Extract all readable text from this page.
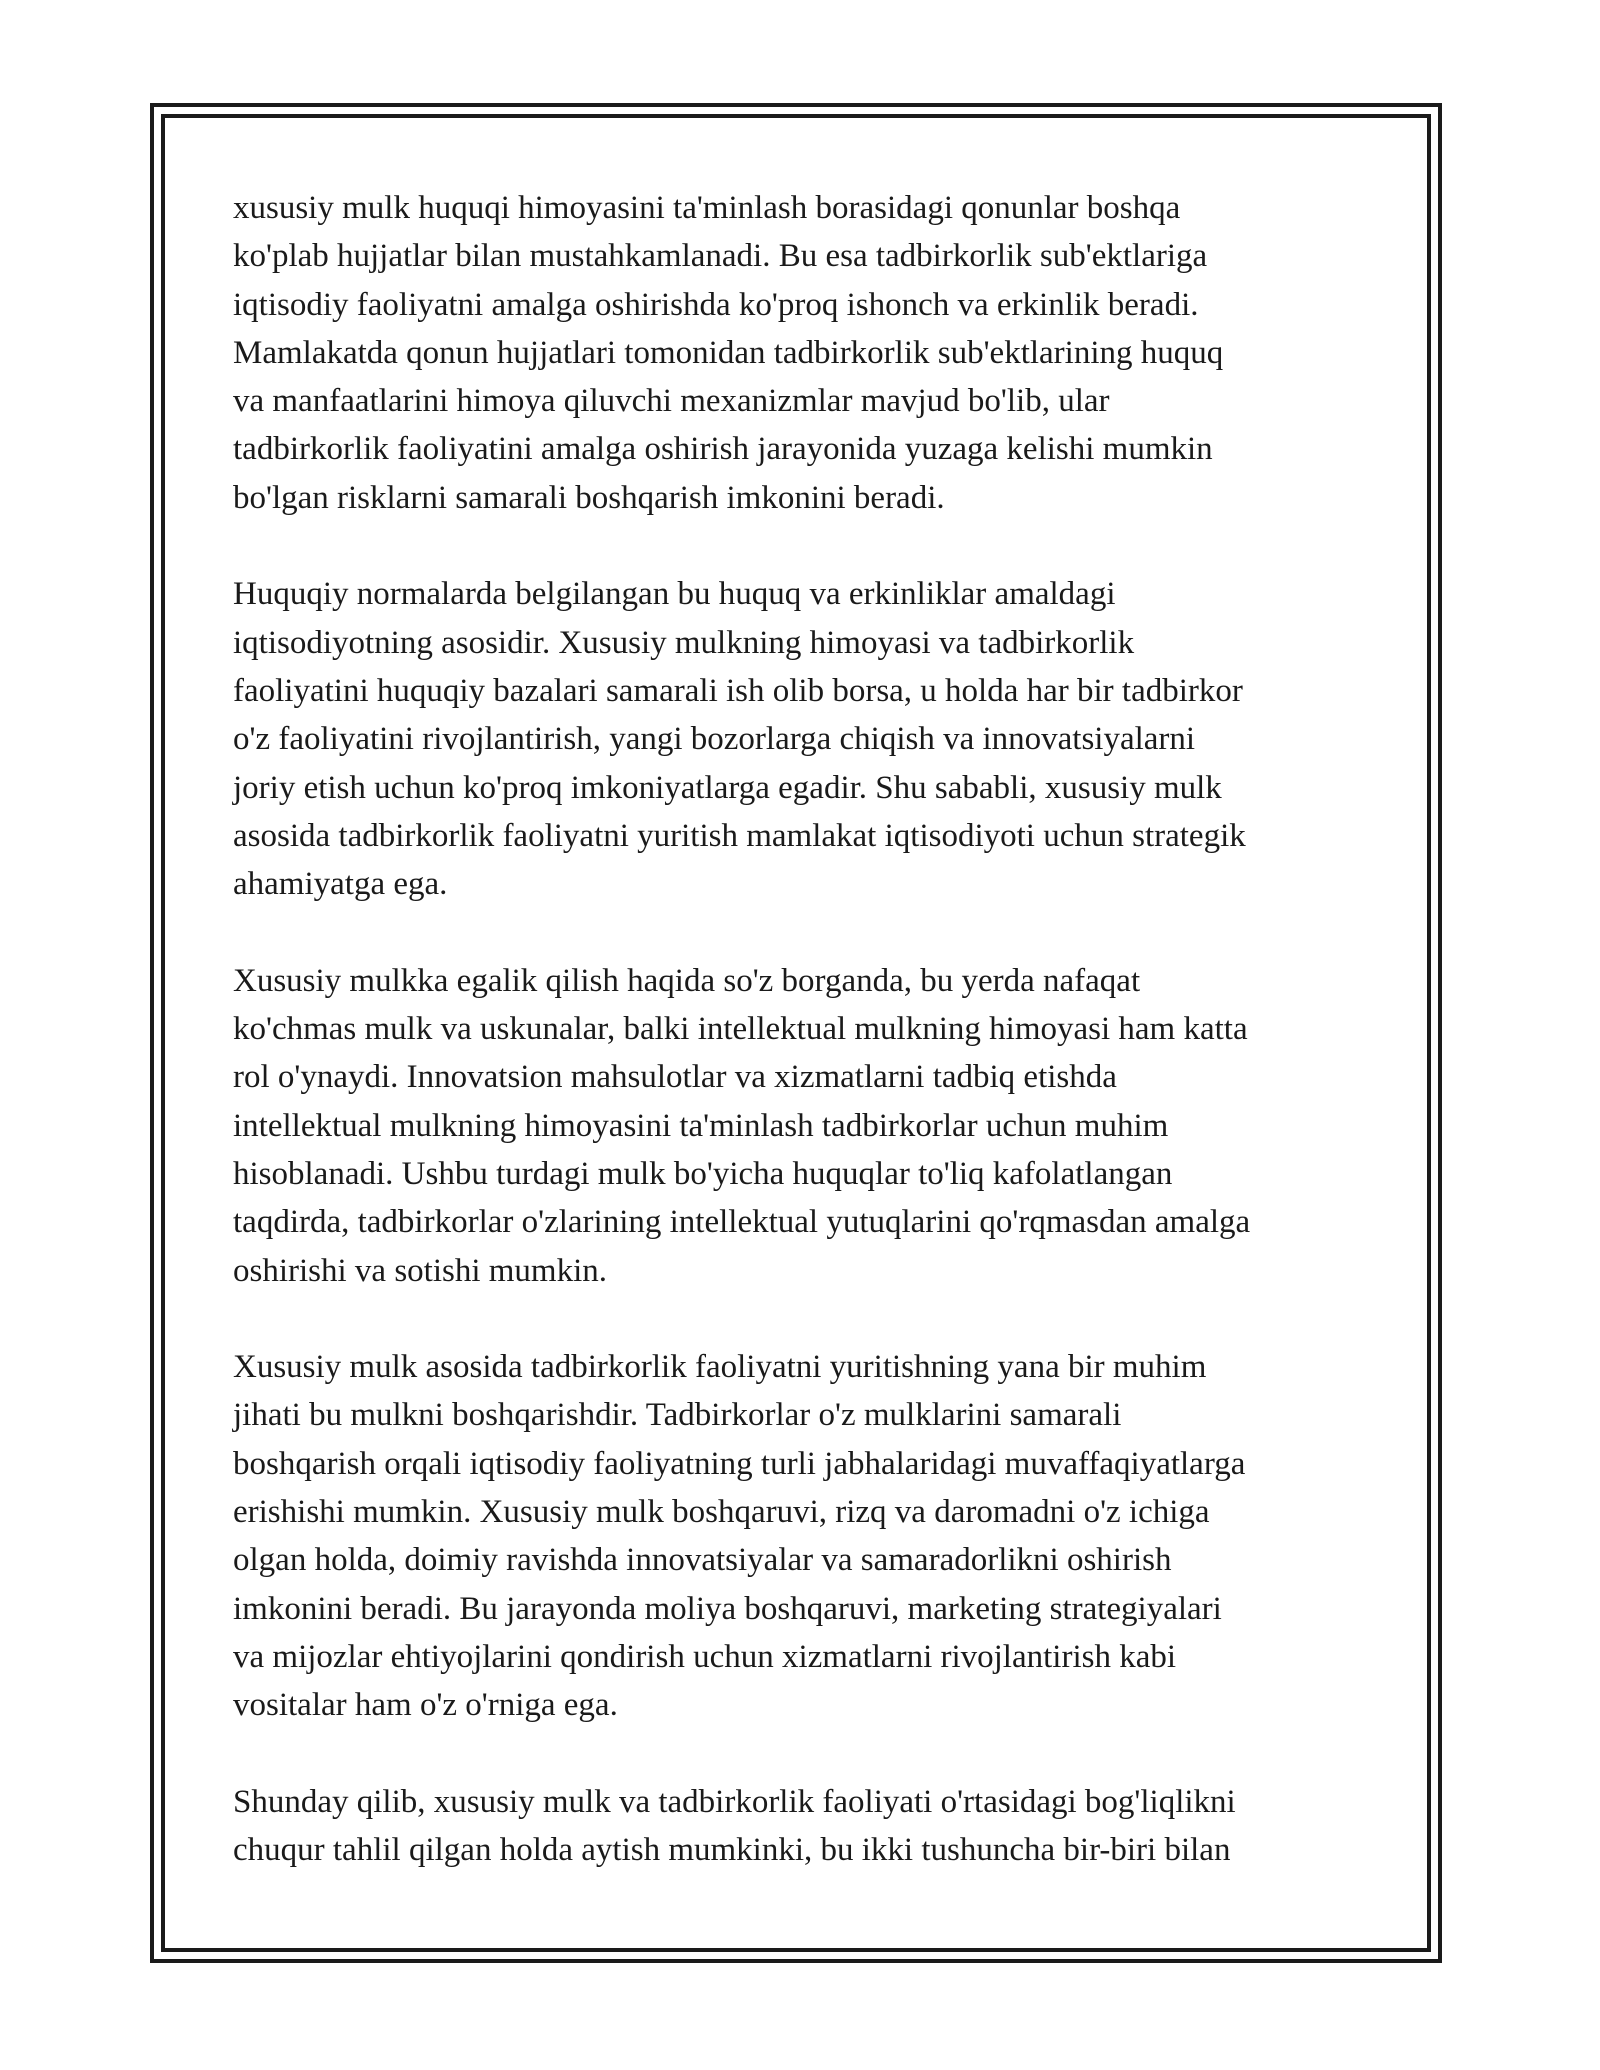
xususiy mulk huquqi himoyasini ta'minlash borasidagi qonunlar boshqa
ko'plab hujjatlar bilan mustahkamlanadi. Bu esa tadbirkorlik sub'ektlariga
iqtisodiy faoliyatni amalga oshirishda ko'proq ishonch va erkinlik beradi.
Mamlakatda qonun hujjatlari tomonidan tadbirkorlik sub'ektlarining huquq
va manfaatlarini himoya qiluvchi mexanizmlar mavjud bo'lib, ular
tadbirkorlik faoliyatini amalga oshirish jarayonida yuzaga kelishi mumkin
bo'lgan risklarni samarali boshqarish imkonini beradi.

Huquqiy normalarda belgilangan bu huquq va erkinliklar amaldagi
iqtisodiyotning asosidir. Xususiy mulkning himoyasi va tadbirkorlik
faoliyatini huquqiy bazalari samarali ish olib borsa, u holda har bir tadbirkor
o'z faoliyatini rivojlantirish, yangi bozorlarga chiqish va innovatsiyalarni
joriy etish uchun ko'proq imkoniyatlarga egadir. Shu sababli, xususiy mulk
asosida tadbirkorlik faoliyatni yuritish mamlakat iqtisodiyoti uchun strategik
ahamiyatga ega.

Xususiy mulkka egalik qilish haqida so'z borganda, bu yerda nafaqat
ko'chmas mulk va uskunalar, balki intellektual mulkning himoyasi ham katta
rol o'ynaydi. Innovatsion mahsulotlar va xizmatlarni tadbiq etishda
intellektual mulkning himoyasini ta'minlash tadbirkorlar uchun muhim
hisoblanadi. Ushbu turdagi mulk bo'yicha huquqlar to'liq kafolatlangan
taqdirda, tadbirkorlar o'zlarining intellektual yutuqlarini qo'rqmasdan amalga
oshirishi va sotishi mumkin.

Xususiy mulk asosida tadbirkorlik faoliyatni yuritishning yana bir muhim
jihati bu mulkni boshqarishdir. Tadbirkorlar o'z mulklarini samarali
boshqarish orqali iqtisodiy faoliyatning turli jabhalaridagi muvaffaqiyatlarga
erishishi mumkin. Xususiy mulk boshqaruvi, rizq va daromadni o'z ichiga
olgan holda, doimiy ravishda innovatsiyalar va samaradorlikni oshirish
imkonini beradi. Bu jarayonda moliya boshqaruvi, marketing strategiyalari
va mijozlar ehtiyojlarini qondirish uchun xizmatlarni rivojlantirish kabi
vositalar ham o'z o'rniga ega.

Shunday qilib, xususiy mulk va tadbirkorlik faoliyati o'rtasidagi bog'liqlikni
chuqur tahlil qilgan holda aytish mumkinki, bu ikki tushuncha bir-biri bilan
